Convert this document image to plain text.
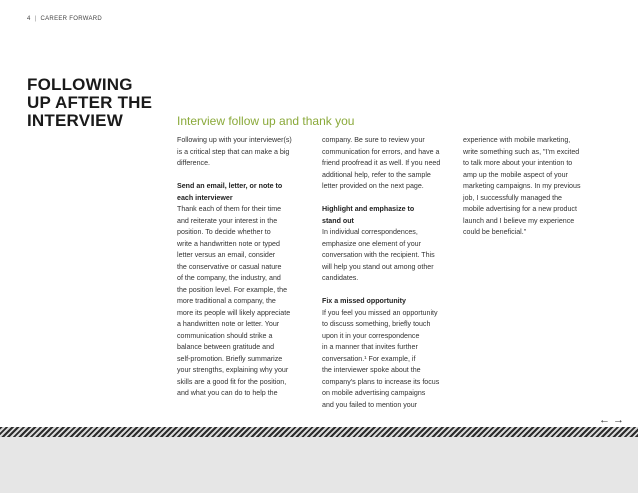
4 | CAREER FORWARD
FOLLOWING
UP AFTER THE
INTERVIEW	Interview follow up and thank you

Following up with your interviewer(s)
is a critical step that can make a big
difference.

Send an email, letter, or note to
each interviewer

Thank each of them for their time
and reiterate your interest in the
position. To decide whether to
write a handwritten note or typed
letter versus an email, consider
the conservative or casual nature
of the company, the industry, and
the position level. For example, the
more traditional a company, the
more its people will likely appreciate
a handwritten note or letter. Your
communication should strike a
balance between gratitude and
self-promotion. Briefly summarize
your strengths, explaining why your
skills are a good fit for the position,
and what you can do to help the

company. Be sure to review your
communication for errors, and have a
friend proofread it as well. If you need
additional help, refer to the sample
letter provided on the next page.

Highlight and emphasize to
stand out

In individual correspondences,
emphasize one element of your
conversation with the recipient. This
will help you stand out among other
candidates.

Fix a missed opportunity

If you feel you missed an opportunity
to discuss something, briefly touch
upon it in your correspondence
in a manner that invites further
conversation.¹ For example, if
the interviewer spoke about the
company's plans to increase its focus
on mobile advertising campaigns
and you failed to mention your

experience with mobile marketing,
write something such as, "I'm excited
to talk more about your intention to
amp up the mobile aspect of your
marketing campaigns. In my previous
job, I successfully managed the
mobile advertising for a new product
launch and I believe my experience
could be beneficial."

←→
